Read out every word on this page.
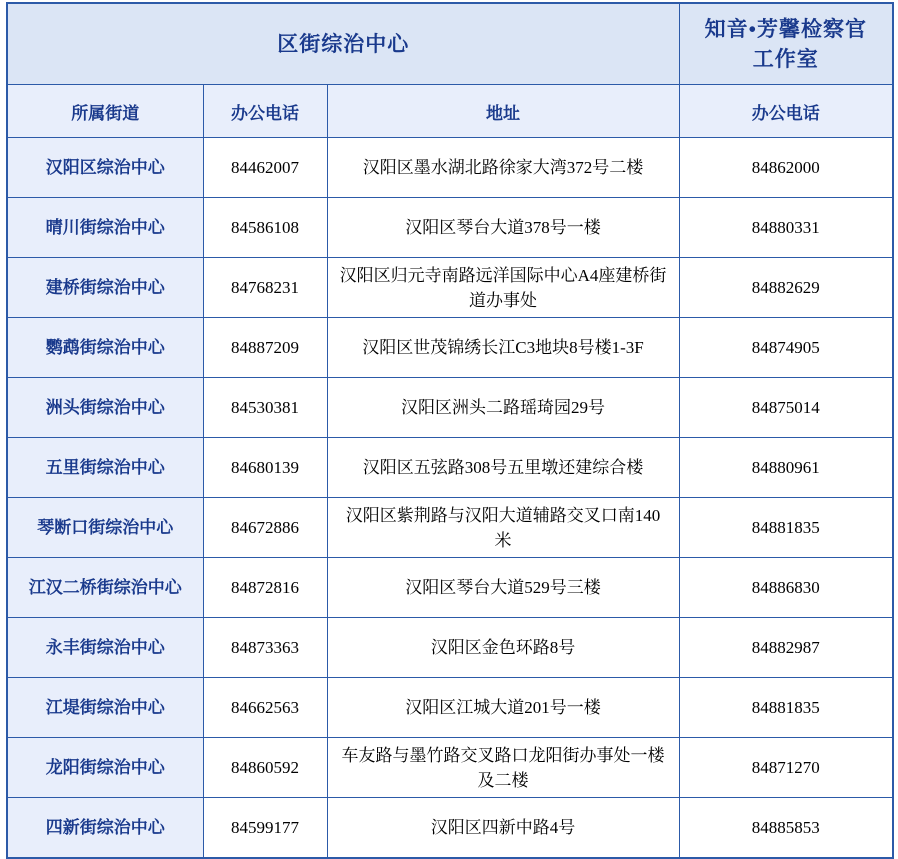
区街综治中心			知音•芳馨检察官
工作室

所属街道	办公电话	地址	办公电话
汉阳区综治中心	84462007	汉阳区墨水湖北路徐家大湾372号二楼	84862000
晴川街综治中心	84586108	汉阳区琴台大道378号一楼	84880331
建桥街综治中心	84768231	汉阳区归元寺南路远洋国际中心A4座建桥街道办事处	84882629
鹦鹉街综治中心	84887209	汉阳区世茂锦绣长江C3地块8号楼1-3F	84874905
洲头街综治中心	84530381	汉阳区洲头二路瑶琦园29号	84875014
五里街综治中心	84680139	汉阳区五弦路308号五里墩还建综合楼	84880961
琴断口街综治中心	84672886	汉阳区紫荆路与汉阳大道辅路交叉口南140米	84881835
江汉二桥街综治中心	84872816	汉阳区琴台大道529号三楼	84886830
永丰街综治中心	84873363	汉阳区金色环路8号	84882987
江堤街综治中心	84662563	汉阳区江城大道201号一楼	84881835
龙阳街综治中心	84860592	车友路与墨竹路交叉路口龙阳街办事处一楼及二楼	84871270
四新街综治中心	84599177	汉阳区四新中路4号	84885853
